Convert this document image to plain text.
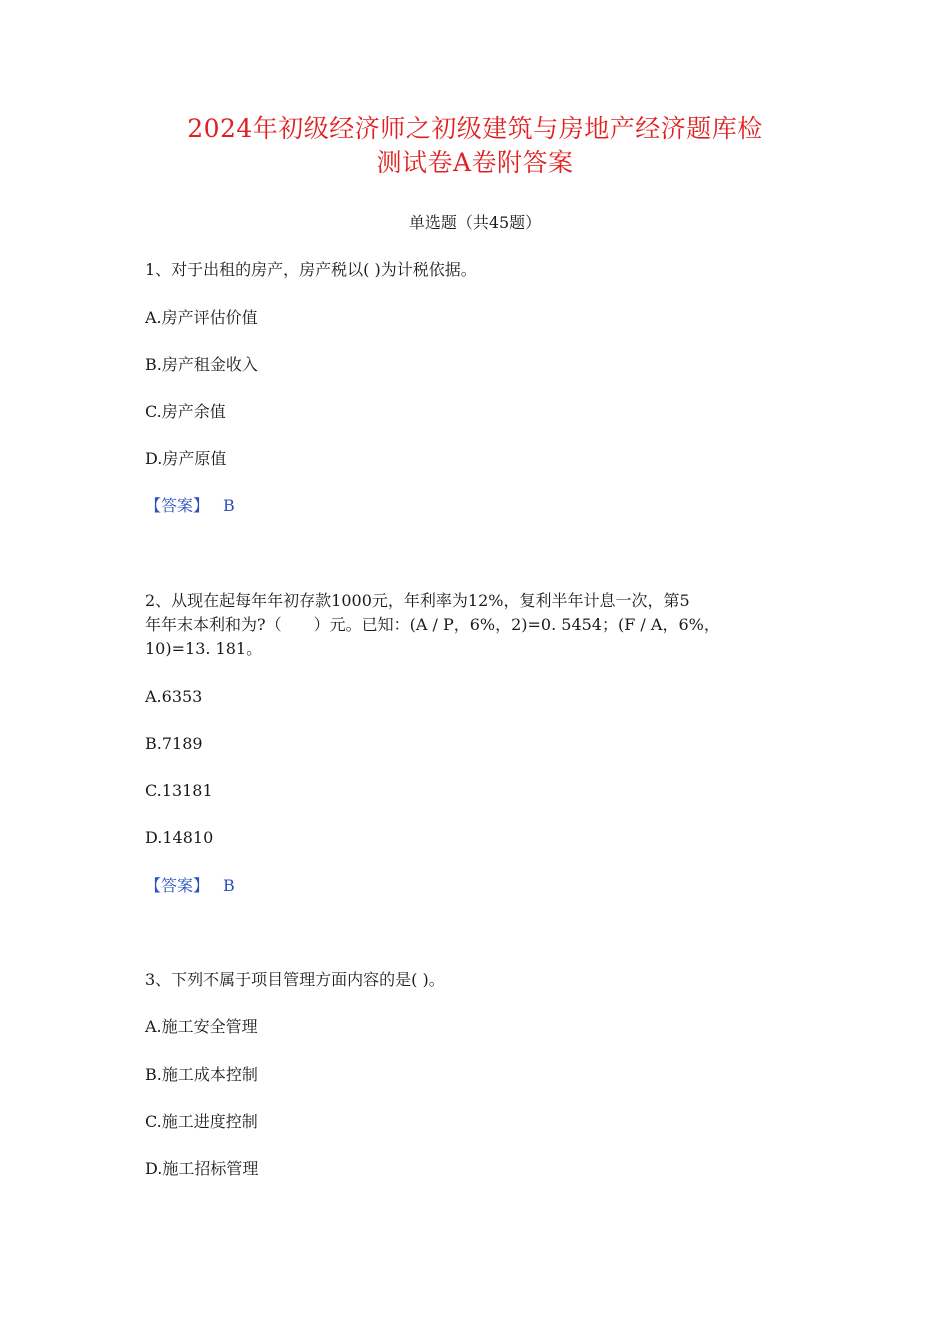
2024年初级经济师之初级建筑与房地产经济题库检
测试卷A卷附答案
单选题（共45题）
1、对于出租的房产，房产税以( )为计税依据。
A.房产评估价值
B.房产租金收入
C.房产余值
D.房产原值
【答案】 B
2、从现在起每年年初存款1000元，年利率为12%，复利半年计息一次，第5
年年末本利和为?（　　）元。已知：(A / P，6%，2)=0. 5454；(F / A，6%，
10)=13. 181。
A.6353
B.7189
C.13181
D.14810
【答案】 B
3、下列不属于项目管理方面内容的是( )。
A.施工安全管理
B.施工成本控制
C.施工进度控制
D.施工招标管理
